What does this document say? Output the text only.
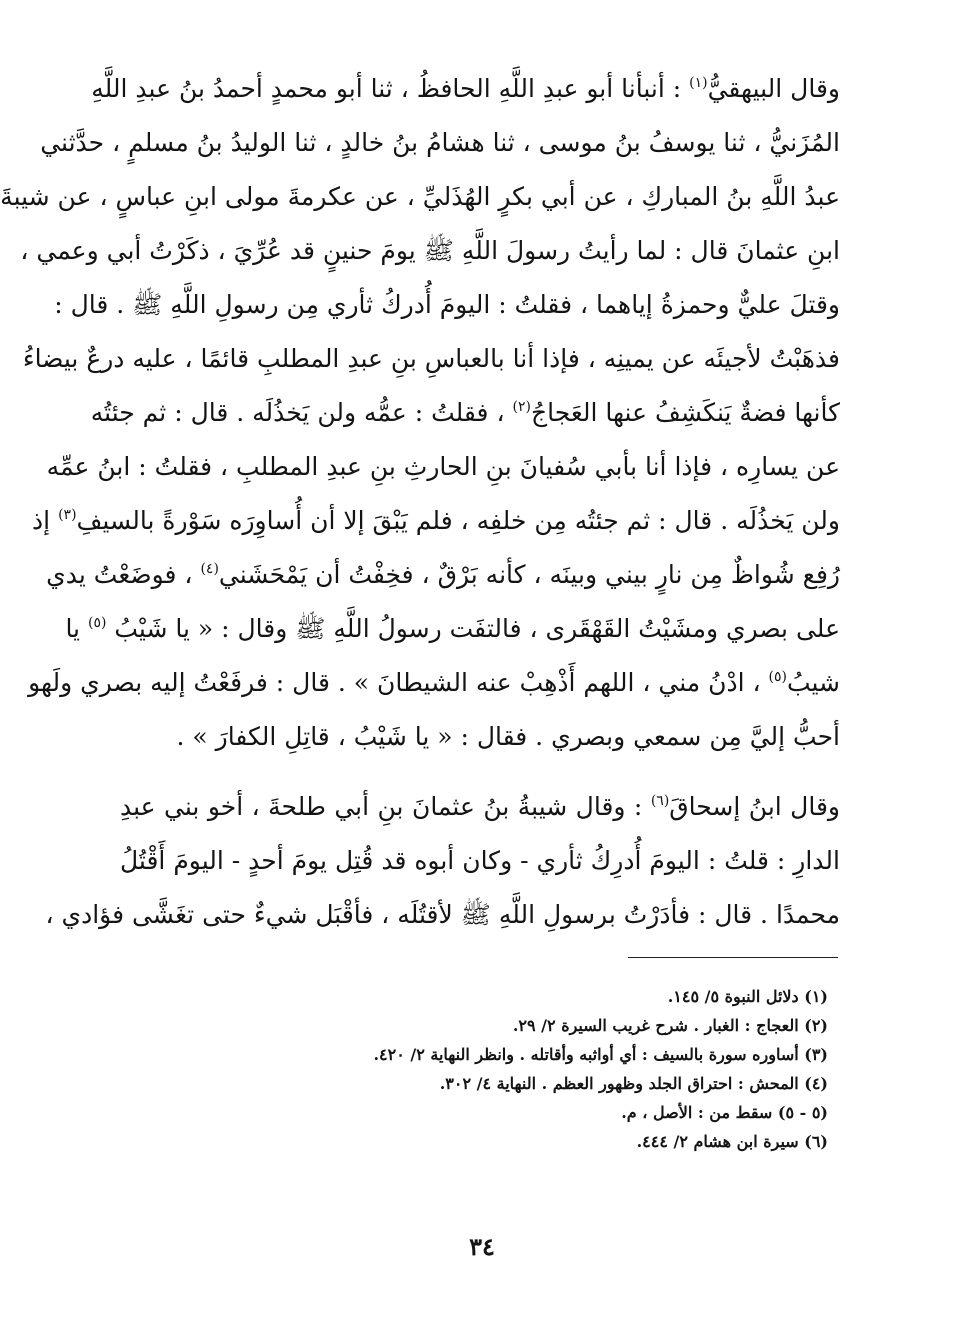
وقال البيهقيُّ$^{(١)}$ : أنبأنا أبو عبدِ اللَّهِ الحافظُ ، ثنا أبو محمدٍ أحمدُ بنُ عبدِ اللَّهِ
المُزَنيُّ ، ثنا يوسفُ بنُ موسى ، ثنا هشامُ بنُ خالدٍ ، ثنا الوليدُ بنُ مسلمٍ ، حدَّثني
عبدُ اللَّهِ بنُ المباركِ ، عن أبي بكرٍ الهُذَليِّ ، عن عكرمةَ مولى ابنِ عباسٍ ، عن شيبةَ
ابنِ عثمانَ قال : لما رأيتُ رسولَ اللَّهِ ﷺ يومَ حنينٍ قد عُرِّيَ ، ذكَرْتُ أبي وعمي ،
وقتلَ عليٌّ وحمزةُ إياهما ، فقلتُ : اليومَ أُدركُ ثأري مِن رسولِ اللَّهِ ﷺ . قال :
فذهَبْتُ لأجيئَه عن يمينِه ، فإذا أنا بالعباسِ بنِ عبدِ المطلبِ قائمًا ، عليه درعٌ بيضاءُ
كأنها فضةٌ يَنكَشِفُ عنها العَجاجُ$^{(٢)}$ ، فقلتُ : عمُّه ولن يَخذُلَه . قال : ثم جئتُه
عن يسارِه ، فإذا أنا بأبي سُفيانَ بنِ الحارثِ بنِ عبدِ المطلبِ ، فقلتُ : ابنُ عمِّه
ولن يَخذُلَه . قال : ثم جئتُه مِن خلفِه ، فلم يَبْقَ إلا أن أُساوِرَه سَوْرةً بالسيفِ$^{(٣)}$ إذ
رُفِع شُواظٌ مِن نارٍ بيني وبينَه ، كأنه بَرْقٌ ، فخِفْتُ أن يَمْحَشَني$^{(٤)}$ ، فوضَعْتُ يدي
على بصري ومشَيْتُ القَهْقَرى ، فالتفَت رسولُ اللَّهِ ﷺ وقال : « يا شَيْبُ $^{(٥)}$ يا
شيبُ$^{(٥)}$ ، ادْنُ مني ، اللهم أَذْهِبْ عنه الشيطانَ » . قال : فرفَعْتُ إليه بصري ولَهو
أحبُّ إليَّ مِن سمعي وبصري . فقال : « يا شَيْبُ ، قاتِلِ الكفارَ » .
وقال ابنُ إسحاقَ$^{(٦)}$ : وقال شيبةُ بنُ عثمانَ بنِ أبي طلحةَ ، أخو بني عبدِ
الدارِ : قلتُ : اليومَ أُدرِكُ ثأري - وكان أبوه قد قُتِل يومَ أحدٍ - اليومَ أَقْتُلُ
محمدًا . قال : فأدَرْتُ برسولِ اللَّهِ ﷺ لأقتُلَه ، فأقْبَل شيءٌ حتى تغَشَّى فؤادي ،
(١) دلائل النبوة ٥/ ١٤٥.
(٢) العجاج : الغبار . شرح غريب السيرة ٢/ ٢٩.
(٣) أساوره سورة بالسيف : أي أواثبه وأقاتله . وانظر النهاية ٢/ ٤٢٠.
(٤) المحش : احتراق الجلد وظهور العظم . النهاية ٤/ ٣٠٢.
(٥ - ٥) سقط من : الأصل ، م.
(٦) سيرة ابن هشام ٢/ ٤٤٤.
٣٤
